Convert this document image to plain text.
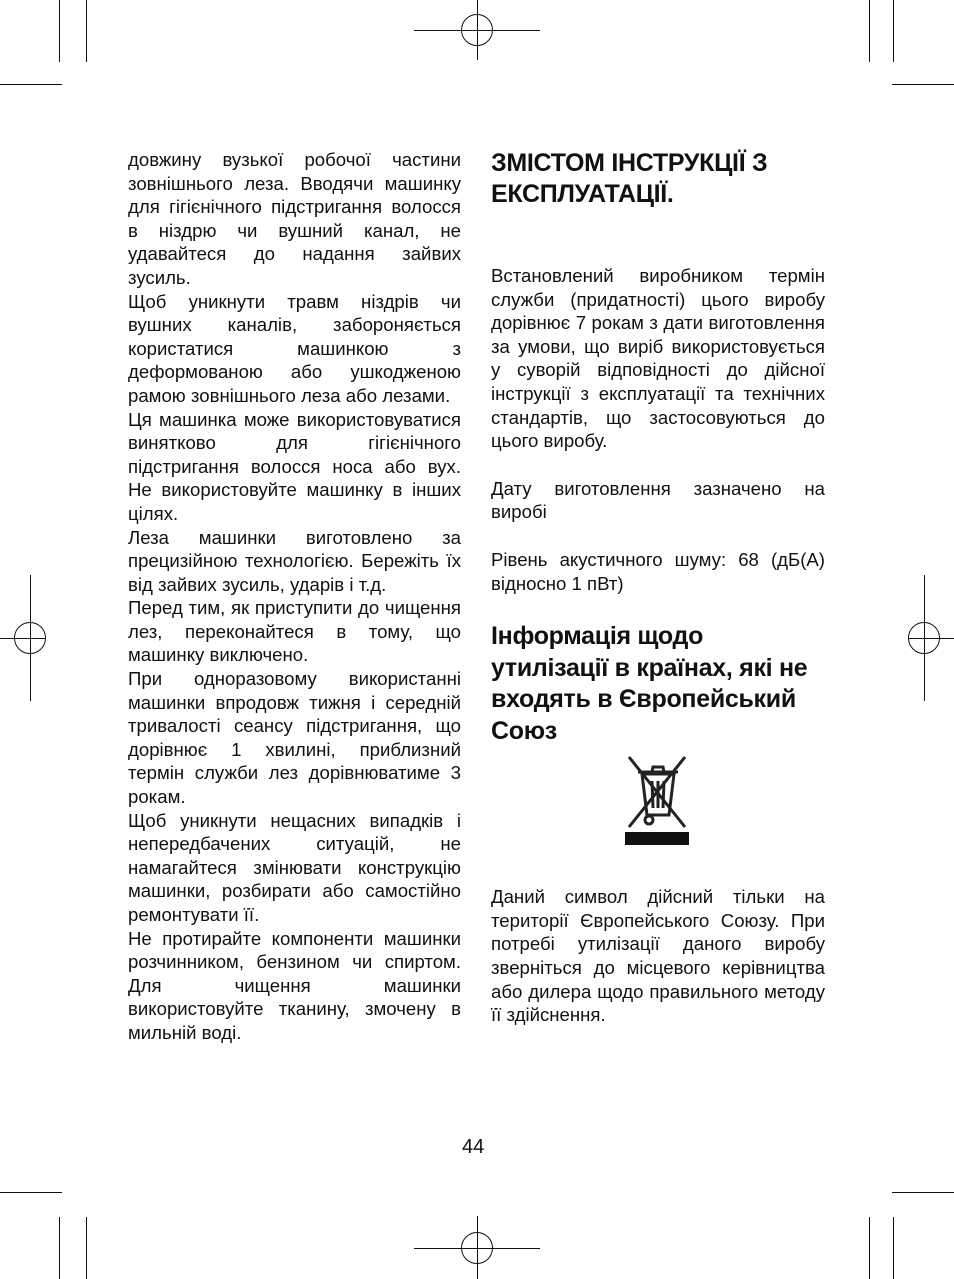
довжину вузької робочої частини зовнішнього леза. Вводячи машинку для гігієнічного підстригання волосся в ніздрю чи вушний канал, не удавайтеся до надання зайвих зусиль.

Щоб уникнути травм ніздрів чи вушних каналів, забороняється користатися машинкою з деформованою або ушкодженою рамою зовнішнього леза або лезами.

Ця машинка може використовуватися винятково для гігієнічного підстригання волосся носа або вух. Не використовуйте машинку в інших цілях.

Леза машинки виготовлено за прецизійною технологією. Бережіть їх від зайвих зусиль, ударів і т.д.

Перед тим, як приступити до чищення лез, переконайтеся в тому, що машинку виключено.

При одноразовому використанні машинки впродовж тижня і середній тривалості сеансу підстригання, що дорівнює 1 хвилині, приблизний термін служби лез дорівнюватиме 3 рокам.

Щоб уникнути нещасних випадків і непередбачених ситуацій, не намагайтеся змінювати конструкцію машинки, розбирати або самостійно ремонтувати її.

Не протирайте компоненти машинки розчинником, бензином чи спиртом. Для чищення машинки використовуйте тканину, змочену в мильній воді.

ЗМІСТОМ ІНСТРУКЦІЇ З ЕКСПЛУАТАЦІЇ.

Встановлений виробником термін служби (придатності) цього виробу дорівнює 7 рокам з дати виготовлення за умови, що виріб використовується у суворій відповідності до дійсної інструкції з експлуатації та технічних стандартів, що застосовуються до цього виробу.

Дату виготовлення зазначено на виробі

Рівень акустичного шуму: 68 (дБ(А) відносно 1 пВт)

Інформація щодо утилізації в країнах, які не входять в Європейський Союз

Даний символ дійсний тільки на території Європейського Союзу. При потребі утилізації даного виробу зверніться до місцевого керівництва або дилера щодо правильного методу її здійснення.

44
